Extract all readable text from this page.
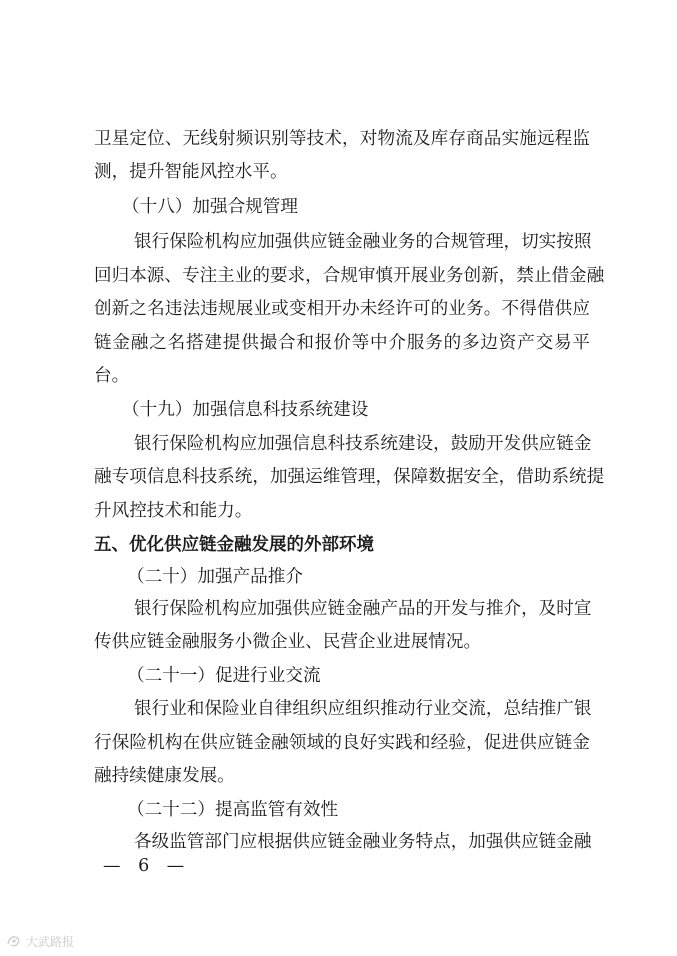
卫星定位、无线射频识别等技术，对物流及库存商品实施远程监
测，提升智能风控水平。
（十八）加强合规管理
银行保险机构应加强供应链金融业务的合规管理，切实按照
回归本源、专注主业的要求，合规审慎开展业务创新，禁止借金融
创新之名违法违规展业或变相开办未经许可的业务。不得借供应
链金融之名搭建提供撮合和报价等中介服务的多边资产交易平
台。
（十九）加强信息科技系统建设
银行保险机构应加强信息科技系统建设，鼓励开发供应链金
融专项信息科技系统，加强运维管理，保障数据安全，借助系统提
升风控技术和能力。
五、优化供应链金融发展的外部环境
（二十）加强产品推介
银行保险机构应加强供应链金融产品的开发与推介，及时宣
传供应链金融服务小微企业、民营企业进展情况。
（二十一）促进行业交流
银行业和保险业自律组织应组织推动行业交流，总结推广银
行保险机构在供应链金融领域的良好实践和经验，促进供应链金
融持续健康发展。
（二十二）提高监管有效性
各级监管部门应根据供应链金融业务特点，加强供应链金融
— 6 —
大武路报
